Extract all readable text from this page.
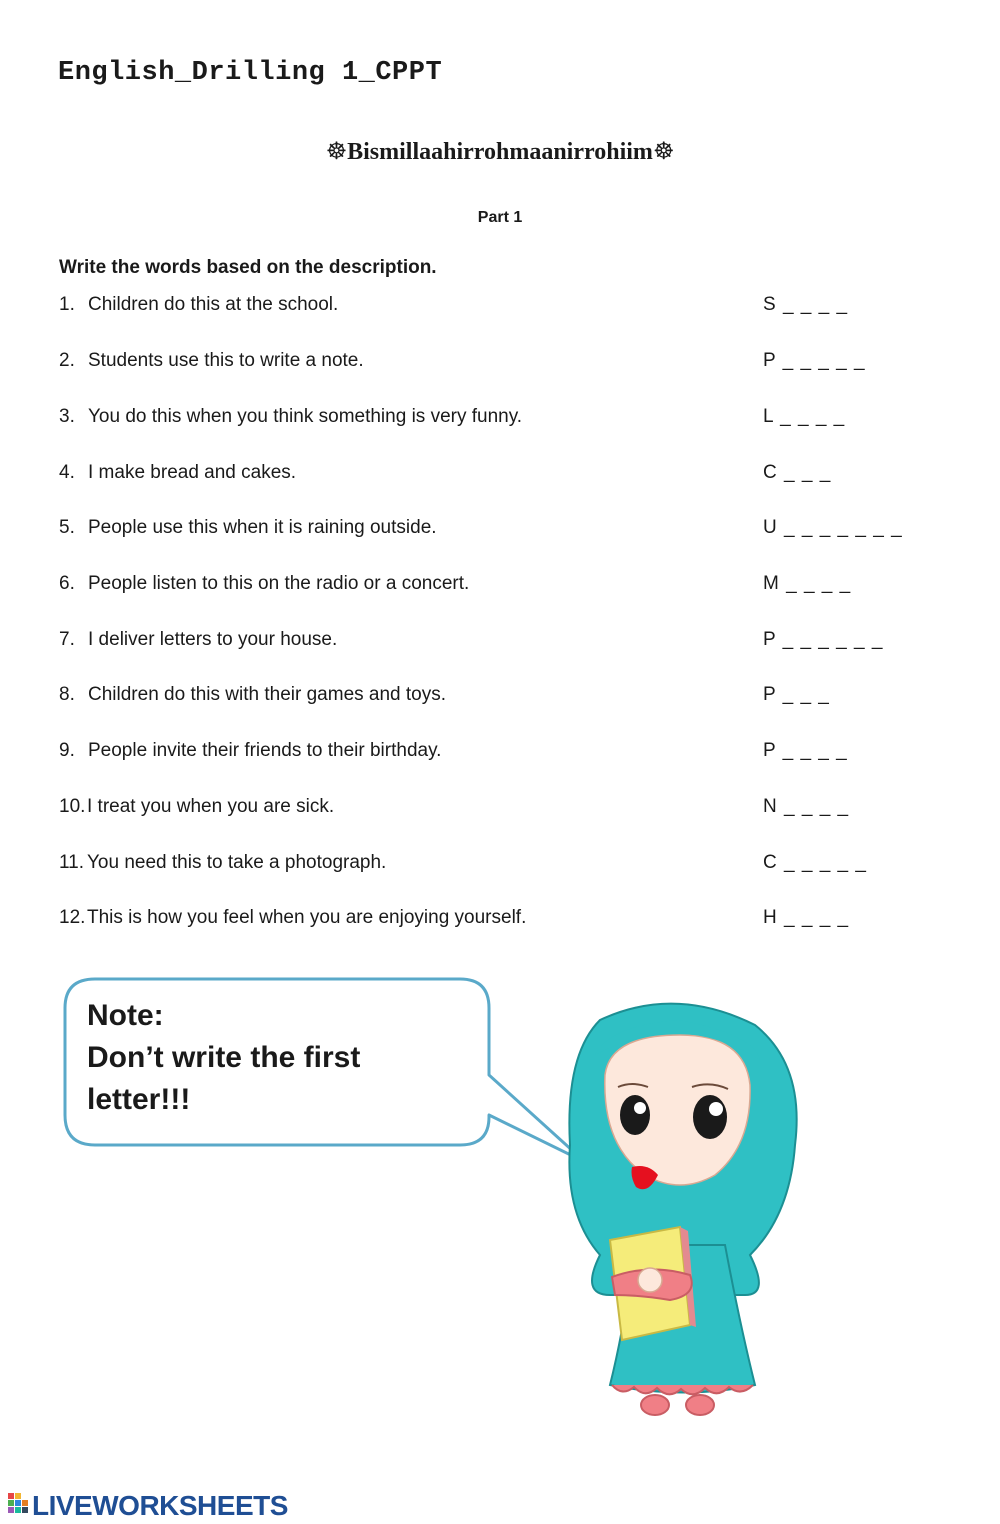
English_Drilling 1_CPPT
☸Bismillaahirrohmaanirrohiim☸
Part 1
Write the words based on the description.
1. Children do this at the school.	S _ _ _ _
2. Students use this to write a note.	P _ _ _ _ _
3. You do this when you think something is very funny.	L _ _ _ _
4. I make bread and cakes.	C _ _ _
5. People use this when it is raining outside.	U _ _ _ _ _ _ _
6. People listen to this on the radio or a concert.	M _ _ _ _
7. I deliver letters to your house.	P _ _ _ _ _ _
8. Children do this with their games and toys.	P _ _ _
9. People invite their friends to their birthday.	P _ _ _ _
10. I treat you when you are sick.	N _ _ _ _
11. You need this to take a photograph.	C _ _ _ _ _
12. This is how you feel when you are enjoying yourself.	H _ _ _ _
Note:
Don’t write the first
letter!!!
LIVEWORKSHEETS
